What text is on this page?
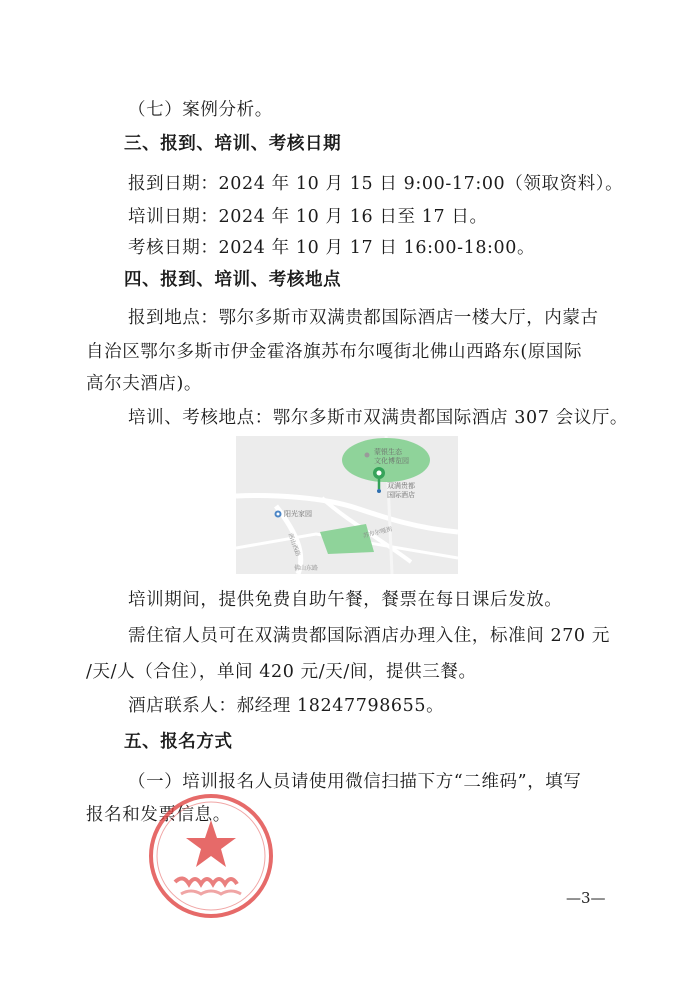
（七）案例分析。
三、报到、培训、考核日期
报到日期：2024 年 10 月 15 日 9:00-17:00（领取资料）。
培训日期：2024 年 10 月 16 日至 17 日。
考核日期：2024 年 10 月 17 日 16:00-18:00。
四、报到、培训、考核地点
报到地点：鄂尔多斯市双满贵都国际酒店一楼大厅，内蒙古
自治区鄂尔多斯市伊金霍洛旗苏布尔嘎街北佛山西路东(原国际
高尔夫酒店)。
培训、考核地点：鄂尔多斯市双满贵都国际酒店 307 会议厅。
蒙银生态
文化博览园
双满贵都
国际酒店
阳光家园
西山西路
佛山东路
苏布尔嘎街
培训期间，提供免费自助午餐，餐票在每日课后发放。
需住宿人员可在双满贵都国际酒店办理入住，标准间 270 元
/天/人（合住），单间 420 元/天/间，提供三餐。
酒店联系人：郝经理 18247798655。
五、报名方式
（一）培训报名人员请使用微信扫描下方“二维码”，填写
报名和发票信息。
—3—
